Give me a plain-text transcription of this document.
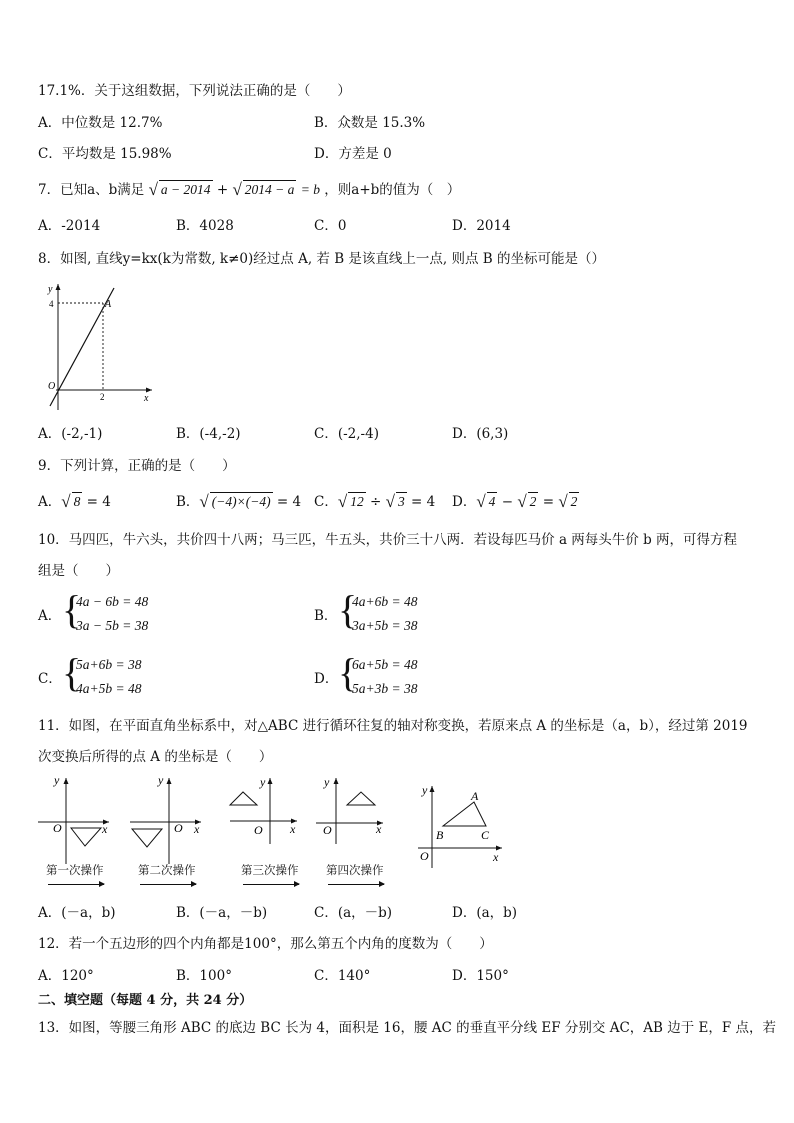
17.1%．关于这组数据，下列说法正确的是（　　）
A．中位数是 12.7%	B．众数是 15.3%
C．平均数是 15.98%	D．方差是 0
7．已知a、b满足 √ a − 2014 + √ 2014 − a = b ，则a+b的值为（　）
A．-2014	B．4028	C．0	D．2014
8．如图, 直线y=kx(k为常数, k≠0)经过点 A, 若 B 是该直线上一点, 则点 B 的坐标可能是（）
y
x
O
A
4
2
A．(-2,-1)	B．(-4,-2)	C．(-2,-4)	D．(6,3)
9．下列计算，正确的是（　　）
A．√ 8 = 4	B．√ (−4)×(−4) = 4 C．√ 12 ÷ √ 3 = 4 D．√ 4 − √ 2 = √ 2
10．马四匹，牛六头，共价四十八两；马三匹，牛五头，共价三十八两．若设每匹马价 a 两每头牛价 b 两，可得方程
组是（　　）
A． {
4a − 6b = 48
3a − 5b = 38
B． {
4a+6b = 48
3a+5b = 38
C． {
5a+6b = 38
4a+5b = 48
D． {
6a+5b = 48
5a+3b = 38
11．如图，在平面直角坐标系中，对△ABC 进行循环往复的轴对称变换，若原来点 A 的坐标是（a，b），经过第 2019
次变换后所得的点 A 的坐标是（　　）
y
x
O
y
x
O
y
x
O
y
x
O
y
x
O
A
B	C
第一次操作	第二次操作	第三次操作 第四次操作
A．(－a，b)	B．(－a，－b)	C．(a，－b)	D．(a，b)
12．若一个五边形的四个内角都是100°，那么第五个内角的度数为（　　）
A．120°	B．100°	C．140°	D．150°
二、填空题（每题 4 分，共 24 分）
13．如图，等腰三角形 ABC 的底边 BC 长为 4，面积是 16，腰 AC 的垂直平分线 EF 分别交 AC，AB 边于 E，F 点，若
